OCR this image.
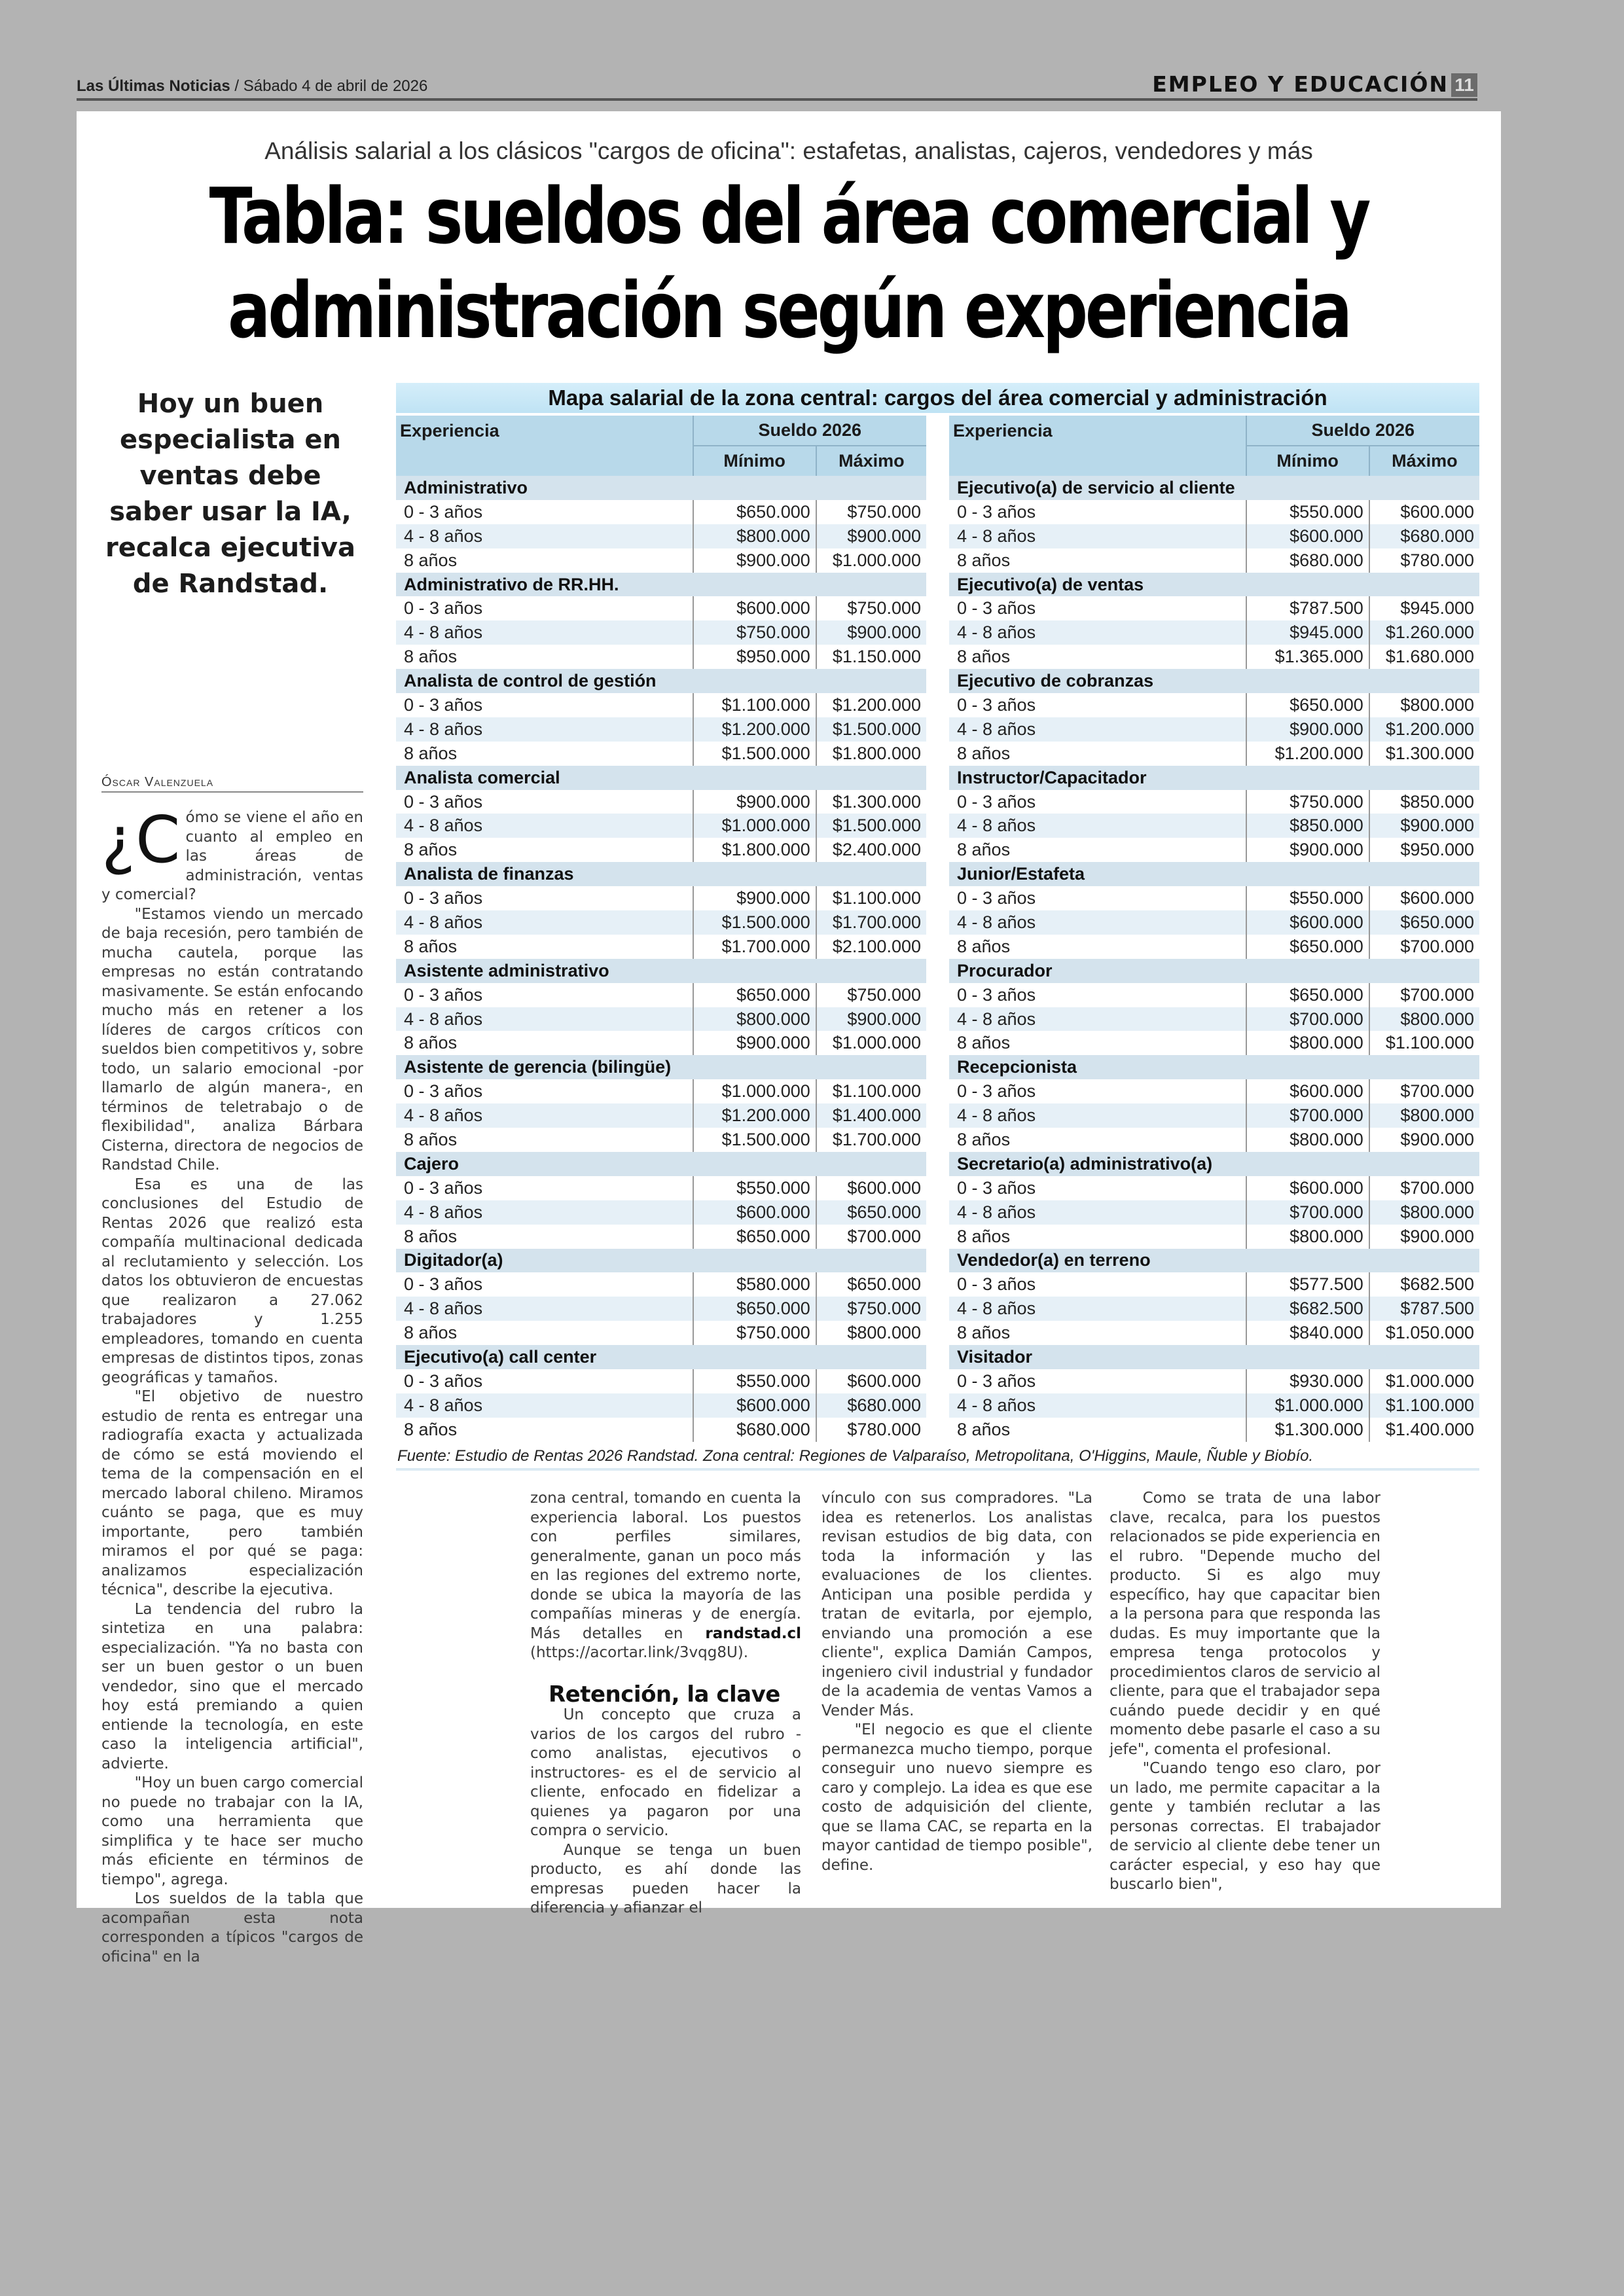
Las Últimas Noticias / Sábado 4 de abril de 2026	EMPLEO Y EDUCACIÓN 11
Análisis salarial a los clásicos "cargos de oficina": estafetas, analistas, cajeros, vendedores y más
Tabla: sueldos del área comercial y
administración según experiencia
Hoy un buen especialista en ventas debe saber usar la IA, recalca ejecutiva de Randstad.
Óscar Valenzuela

¿C ómo se viene el año en cuanto al empleo en las áreas de administración, ventas y comercial?

"Estamos viendo un mercado de baja recesión, pero también de mucha cautela, porque las empresas no están contratando masivamente. Se están enfocando mucho más en retener a los líderes de cargos críticos con sueldos bien competitivos y, sobre todo, un salario emocional -por llamarlo de algún manera-, en términos de teletrabajo o de flexibilidad", analiza Bárbara Cisterna, directora de negocios de Randstad Chile.

Esa es una de las conclusiones del Estudio de Rentas 2026 que realizó esta compañía multinacional dedicada al reclutamiento y selección. Los datos los obtuvieron de encuestas que realizaron a 27.062 trabajadores y 1.255 empleadores, tomando en cuenta empresas de distintos tipos, zonas geográficas y tamaños.

"El objetivo de nuestro estudio de renta es entregar una radiografía exacta y actualizada de cómo se está moviendo el tema de la compensación en el mercado laboral chileno. Miramos cuánto se paga, que es muy importante, pero también miramos el por qué se paga: analizamos especialización técnica", describe la ejecutiva.

La tendencia del rubro la sintetiza en una palabra: especialización. "Ya no basta con ser un buen gestor o un buen vendedor, sino que el mercado hoy está premiando a quien entiende la tecnología, en este caso la inteligencia artificial", advierte.

"Hoy un buen cargo comercial no puede no trabajar con la IA, como una herramienta que simplifica y te hace ser mucho más eficiente en términos de tiempo", agrega.

Los sueldos de la tabla que acompañan esta nota corresponden a típicos "cargos de oficina" en la

Mapa salarial de la zona central: cargos del área comercial y administración
Experiencia	Sueldo 2026	
	Mínimo	Máximo
Administrativo		
0 - 3 años	$650.000	$750.000
4 - 8 años	$800.000	$900.000
8 años	$900.000	$1.000.000
Administrativo de RR.HH.		
0 - 3 años	$600.000	$750.000
4 - 8 años	$750.000	$900.000
8 años	$950.000	$1.150.000
Analista de control de gestión		
0 - 3 años	$1.100.000	$1.200.000
4 - 8 años	$1.200.000	$1.500.000
8 años	$1.500.000	$1.800.000
Analista comercial		
0 - 3 años	$900.000	$1.300.000
4 - 8 años	$1.000.000	$1.500.000
8 años	$1.800.000	$2.400.000
Analista de finanzas		
0 - 3 años	$900.000	$1.100.000
4 - 8 años	$1.500.000	$1.700.000
8 años	$1.700.000	$2.100.000
Asistente administrativo		
0 - 3 años	$650.000	$750.000
4 - 8 años	$800.000	$900.000
8 años	$900.000	$1.000.000
Asistente de gerencia (bilingüe)		
0 - 3 años	$1.000.000	$1.100.000
4 - 8 años	$1.200.000	$1.400.000
8 años	$1.500.000	$1.700.000
Cajero		
0 - 3 años	$550.000	$600.000
4 - 8 años	$600.000	$650.000
8 años	$650.000	$700.000
Digitador(a)		
0 - 3 años	$580.000	$650.000
4 - 8 años	$650.000	$750.000
8 años	$750.000	$800.000
Ejecutivo(a) call center		
0 - 3 años	$550.000	$600.000
4 - 8 años	$600.000	$680.000
8 años	$680.000	$780.000
Experiencia	Sueldo 2026	
	Mínimo	Máximo
Ejecutivo(a) de servicio al cliente		
0 - 3 años	$550.000	$600.000
4 - 8 años	$600.000	$680.000
8 años	$680.000	$780.000
Ejecutivo(a) de ventas		
0 - 3 años	$787.500	$945.000
4 - 8 años	$945.000	$1.260.000
8 años	$1.365.000	$1.680.000
Ejecutivo de cobranzas		
0 - 3 años	$650.000	$800.000
4 - 8 años	$900.000	$1.200.000
8 años	$1.200.000	$1.300.000
Instructor/Capacitador		
0 - 3 años	$750.000	$850.000
4 - 8 años	$850.000	$900.000
8 años	$900.000	$950.000
Junior/Estafeta		
0 - 3 años	$550.000	$600.000
4 - 8 años	$600.000	$650.000
8 años	$650.000	$700.000
Procurador		
0 - 3 años	$650.000	$700.000
4 - 8 años	$700.000	$800.000
8 años	$800.000	$1.100.000
Recepcionista		
0 - 3 años	$600.000	$700.000
4 - 8 años	$700.000	$800.000
8 años	$800.000	$900.000
Secretario(a) administrativo(a)		
0 - 3 años	$600.000	$700.000
4 - 8 años	$700.000	$800.000
8 años	$800.000	$900.000
Vendedor(a) en terreno		
0 - 3 años	$577.500	$682.500
4 - 8 años	$682.500	$787.500
8 años	$840.000	$1.050.000
Visitador		
0 - 3 años	$930.000	$1.000.000
4 - 8 años	$1.000.000	$1.100.000
8 años	$1.300.000	$1.400.000
Fuente: Estudio de Rentas 2026 Randstad. Zona central: Regiones de Valparaíso, Metropolitana, O'Higgins, Maule, Ñuble y Biobío.

zona central, tomando en cuenta la experiencia laboral. Los puestos con perfiles similares, generalmente, ganan un poco más en las regiones del extremo norte, donde se ubica la mayoría de las compañías mineras y de energía. Más detalles en randstad.cl (https://acortar.link/3vqg8U).

Retención, la clave

Un concepto que cruza a varios de los cargos del rubro -como analistas, ejecutivos o instructores- es el de servicio al cliente, enfocado en fidelizar a quienes ya pagaron por una compra o servicio.

Aunque se tenga un buen producto, es ahí donde las empresas pueden hacer la diferencia y afianzar el

vínculo con sus compradores. "La idea es retenerlos. Los analistas revisan estudios de big data, con toda la información y las evaluaciones de los clientes. Anticipan una posible perdida y tratan de evitarla, por ejemplo, enviando una promoción a ese cliente", explica Damián Campos, ingeniero civil industrial y fundador de la academia de ventas Vamos a Vender Más.

"El negocio es que el cliente permanezca mucho tiempo, porque conseguir uno nuevo siempre es caro y complejo. La idea es que ese costo de adquisición del cliente, que se llama CAC, se reparta en la mayor cantidad de tiempo posible", define.

Como se trata de una labor clave, recalca, para los puestos relacionados se pide experiencia en el rubro. "Depende mucho del producto. Si es algo muy específico, hay que capacitar bien a la persona para que responda las dudas. Es muy importante que la empresa tenga protocolos y procedimientos claros de servicio al cliente, para que el trabajador sepa cuándo puede decidir y en qué momento debe pasarle el caso a su jefe", comenta el profesional.

"Cuando tengo eso claro, por un lado, me permite capacitar a la gente y también reclutar a las personas correctas. El trabajador de servicio al cliente debe tener un carácter especial, y eso hay que buscarlo bien",
